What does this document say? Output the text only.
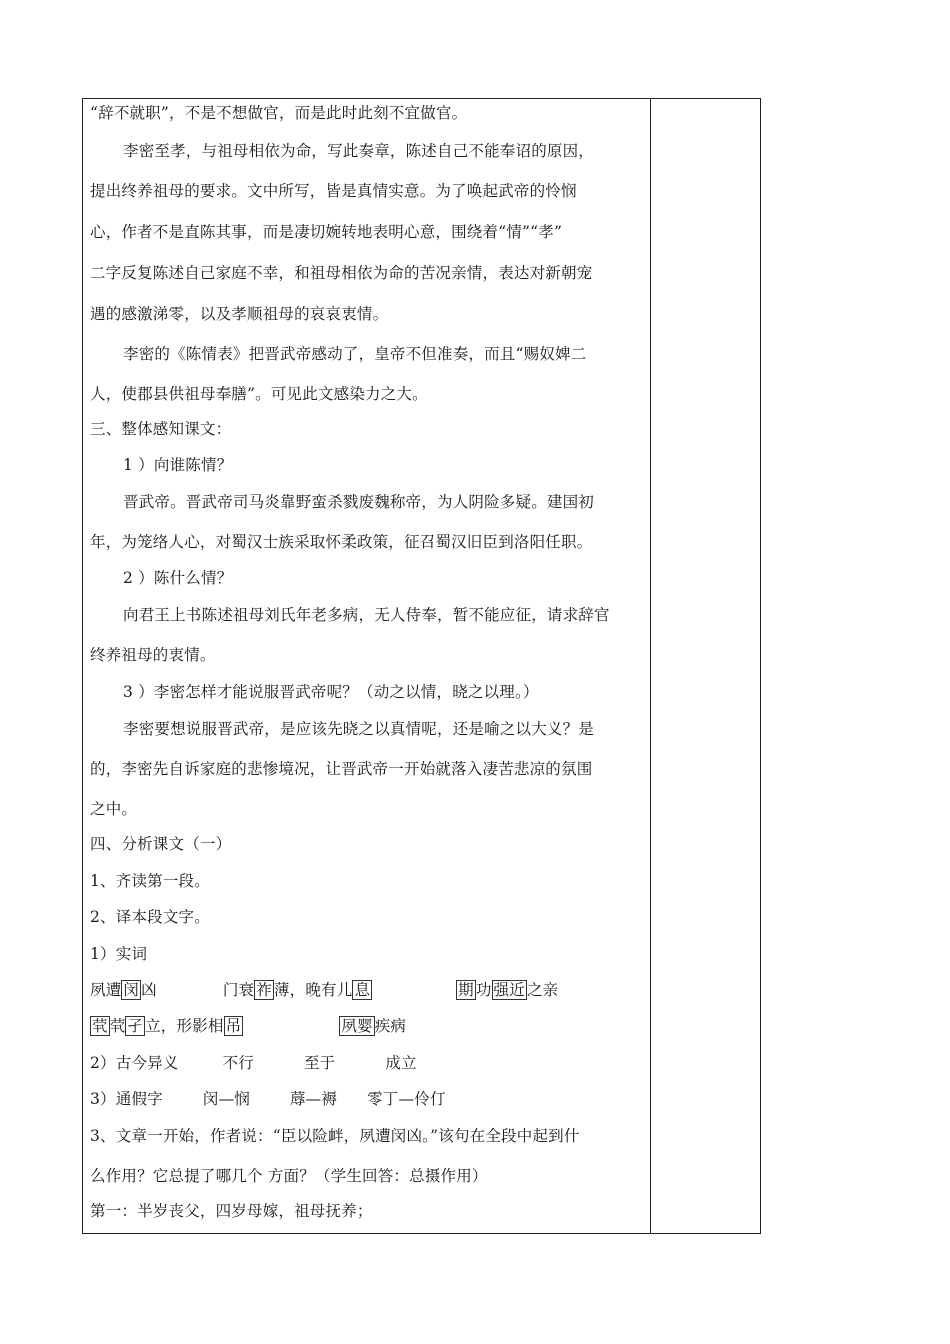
“辞不就职”，不是不想做官，而是此时此刻不宜做官。
李密至孝，与祖母相依为命，写此奏章，陈述自己不能奉诏的原因，
提出终养祖母的要求。文中所写，皆是真情实意。为了唤起武帝的怜悯
心，作者不是直陈其事，而是凄切婉转地表明心意，围绕着“情”“孝”
二字反复陈述自己家庭不幸，和祖母相依为命的苦况亲情，表达对新朝宠
遇的感激涕零，以及孝顺祖母的哀哀衷情。
李密的《陈情表》把晋武帝感动了，皇帝不但准奏，而且“赐奴婢二
人，使郡县供祖母奉膳”。可见此文感染力之大。
三、整体感知课文：
1 ）向谁陈情？
晋武帝。晋武帝司马炎靠野蛮杀戮废魏称帝，为人阴险多疑。建国初
年，为笼络人心，对蜀汉士族采取怀柔政策，征召蜀汉旧臣到洛阳任职。
2 ）陈什么情？
向君王上书陈述祖母刘氏年老多病，无人侍奉，暂不能应征，请求辞官
终养祖母的衷情。
3 ）李密怎样才能说服晋武帝呢？（动之以情，晓之以理。）
李密要想说服晋武帝，是应该先晓之以真情呢，还是喻之以大义？是
的，李密先自诉家庭的悲惨境况，让晋武帝一开始就落入凄苦悲凉的氛围
之中。
四、分析课文（一）
1、齐读第一段。
2、译本段文字。
1）实词
夙遭 闵 凶	门衰 祚 薄，晚有儿 息	期 功 强近 之亲
茕 茕 孑 立，形影相 吊	夙婴 疾病
2）古今异义	不行	至于	成立
3）通假字	闵—悯	蓐—褥 零丁—伶仃
3、文章一开始，作者说：“臣以险衅，夙遭闵凶。”该句在全段中起到什
么作用？它总提了哪几个 方面？（学生回答：总摄作用）
第一：半岁丧父，四岁母嫁，祖母抚养；
